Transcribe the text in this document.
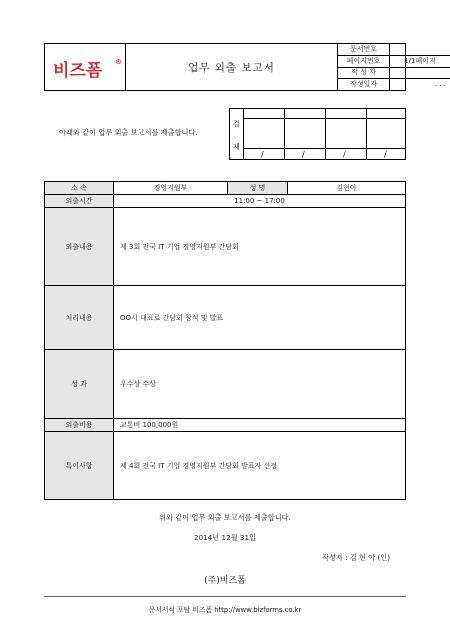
비즈폼 ®	업무 외출 보고서
문서번호
페이지번호	1/1페이지
작 성 자
작성일자	. . .
아래와 같이 업무 외출 보고서를 제출합니다.
결
재
/	/	/	/
소 속	경영지원부	성 명	김현아
외출시간	11:00 ~ 17:00
외출내용	제 3회 전국 IT 기업 경영지원부 간담회
처리내용	OO시 대표로 간담회 참석 및 발표
성 과	우수상 수상
외출비용	교통비 100,000원
특이사항	제 4회 전국 IT 기업 경영지원부 간담회 발표자 선정
위와 같이 업무 외출 보고서를 제출합니다.
2014년 12월 31일
작성자 : 김 현 아 (인)
(주)비즈폼
문서서식 포탈 비즈폼 http://www.bizforms.co.kr
